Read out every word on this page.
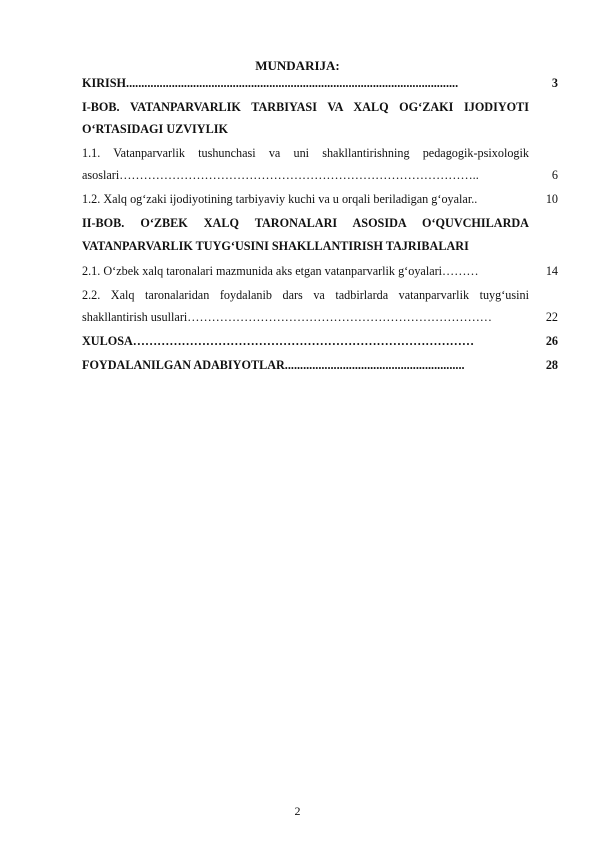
MUNDARIJA:
KIRISH.............................................................................................................	3
I-BOB. VATANPARVARLIK TARBIYASI VA XALQ OG‘ZAKI IJODIYOTI O‘RTASIDAGI UZVIYLIK
1.1. Vatanparvarlik tushunchasi va uni shakllantirishning pedagogik-psixologik asoslari……………………………………………………………………………..	6
1.2. Xalq og‘zaki ijodiyotining tarbiyaviy kuchi va u orqali beriladigan g‘oyalar..	10
II-BOB. O‘ZBEK XALQ TARONALARI ASOSIDA O‘QUVCHILARDA VATANPARVARLIK TUYG‘USINI SHAKLLANTIRISH TAJRIBALARI
2.1. O‘zbek xalq taronalari mazmunida aks etgan vatanparvarlik g‘oyalari………	14
2.2. Xalq taronalaridan foydalanib dars va tadbirlarda vatanparvarlik tuyg‘usini shakllantirish usullari…………………………………………………………………	22
XULOSA…………………………………………………………………………	26
FOYDALANILGAN ADABIYOTLAR...........................................................	28
2
